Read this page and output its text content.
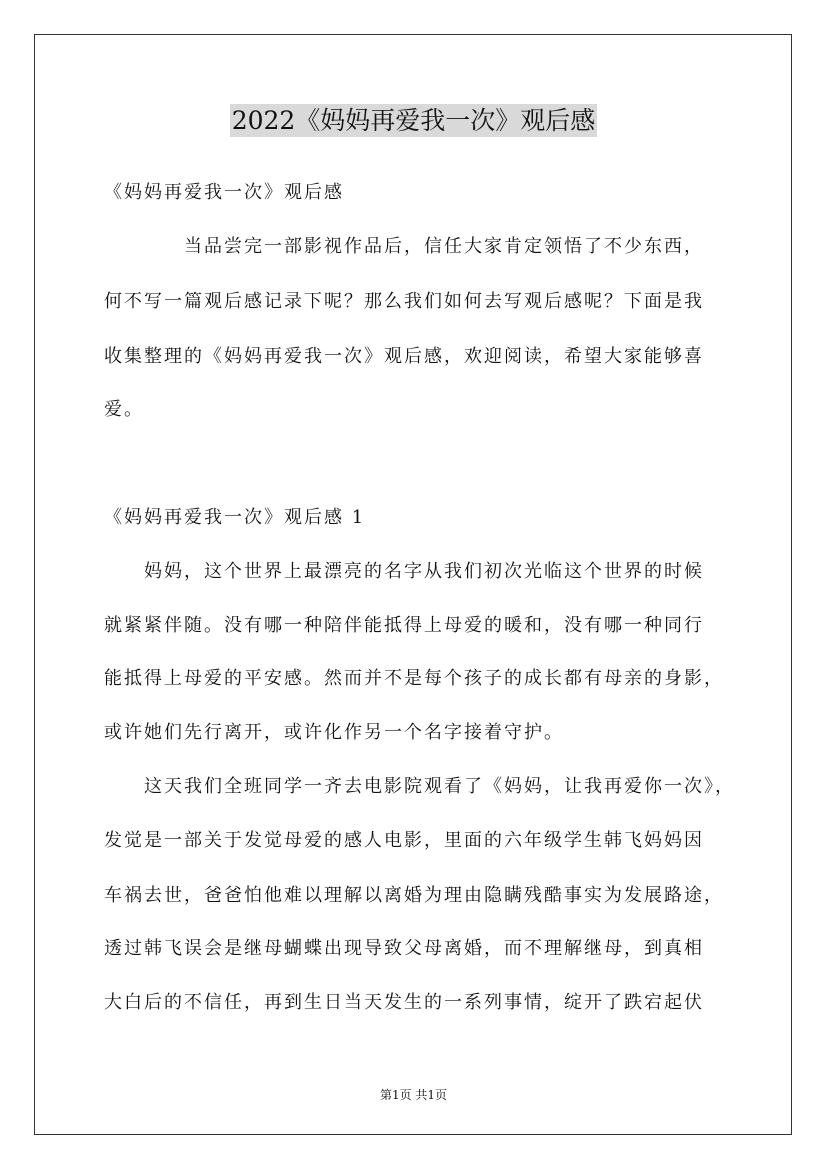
2022《妈妈再爱我一次》观后感
《妈妈再爱我一次》观后感
当品尝完一部影视作品后，信任大家肯定领悟了不少东西，
何不写一篇观后感记录下呢？那么我们如何去写观后感呢？下面是我
收集整理的《妈妈再爱我一次》观后感，欢迎阅读，希望大家能够喜
爱。
《妈妈再爱我一次》观后感 1
妈妈，这个世界上最漂亮的名字从我们初次光临这个世界的时候
就紧紧伴随。没有哪一种陪伴能抵得上母爱的暖和，没有哪一种同行
能抵得上母爱的平安感。然而并不是每个孩子的成长都有母亲的身影，
或许她们先行离开，或许化作另一个名字接着守护。
这天我们全班同学一齐去电影院观看了《妈妈，让我再爱你一次》，
发觉是一部关于发觉母爱的感人电影，里面的六年级学生韩飞妈妈因
车祸去世，爸爸怕他难以理解以离婚为理由隐瞒残酷事实为发展路途，
透过韩飞误会是继母蝴蝶出现导致父母离婚，而不理解继母，到真相
大白后的不信任，再到生日当天发生的一系列事情，绽开了跌宕起伏
第1页 共1页
